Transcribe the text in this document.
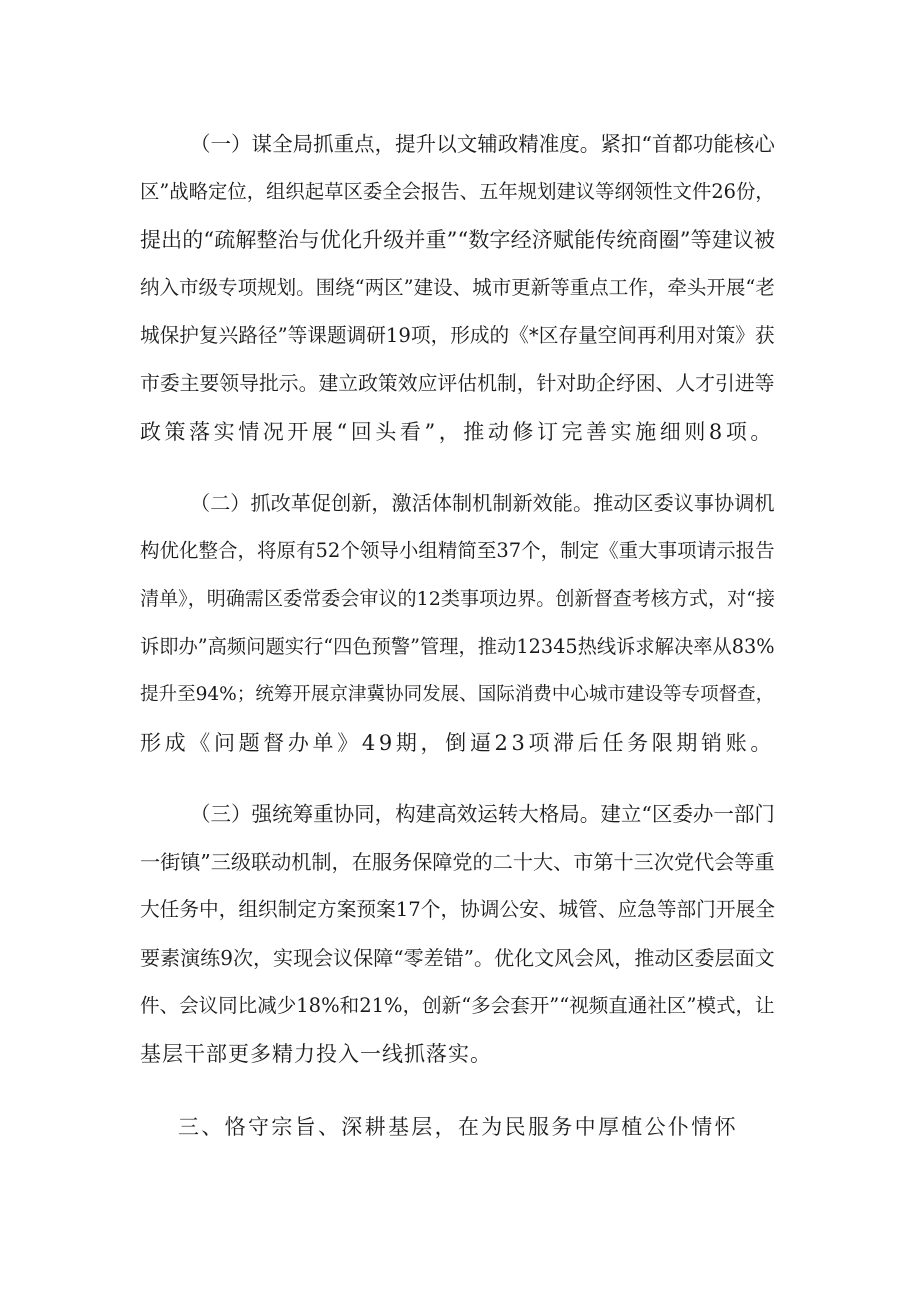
（一）谋全局抓重点，提升以文辅政精准度。紧扣“首都功能核心
区”战略定位，组织起草区委全会报告、五年规划建议等纲领性文件26份，
提出的“疏解整治与优化升级并重”“数字经济赋能传统商圈”等建议被
纳入市级专项规划。围绕“两区”建设、城市更新等重点工作，牵头开展“老
城保护复兴路径”等课题调研19项，形成的《*区存量空间再利用对策》获
市委主要领导批示。建立政策效应评估机制，针对助企纾困、人才引进等
政策落实情况开展“回头看”，推动修订完善实施细则8项。
（二）抓改革促创新，激活体制机制新效能。推动区委议事协调机
构优化整合，将原有52个领导小组精简至37个，制定《重大事项请示报告
清单》，明确需区委常委会审议的12类事项边界。创新督查考核方式，对“接
诉即办”高频问题实行“四色预警”管理，推动12345热线诉求解决率从83%
提升至94%；统筹开展京津冀协同发展、国际消费中心城市建设等专项督查，
形成《问题督办单》49期，倒逼23项滞后任务限期销账。
（三）强统筹重协同，构建高效运转大格局。建立“区委办一部门
一街镇”三级联动机制，在服务保障党的二十大、市第十三次党代会等重
大任务中，组织制定方案预案17个，协调公安、城管、应急等部门开展全
要素演练9次，实现会议保障“零差错”。优化文风会风，推动区委层面文
件、会议同比减少18%和21%，创新“多会套开”“视频直通社区”模式，让
基层干部更多精力投入一线抓落实。
三、恪守宗旨、深耕基层，在为民服务中厚植公仆情怀
